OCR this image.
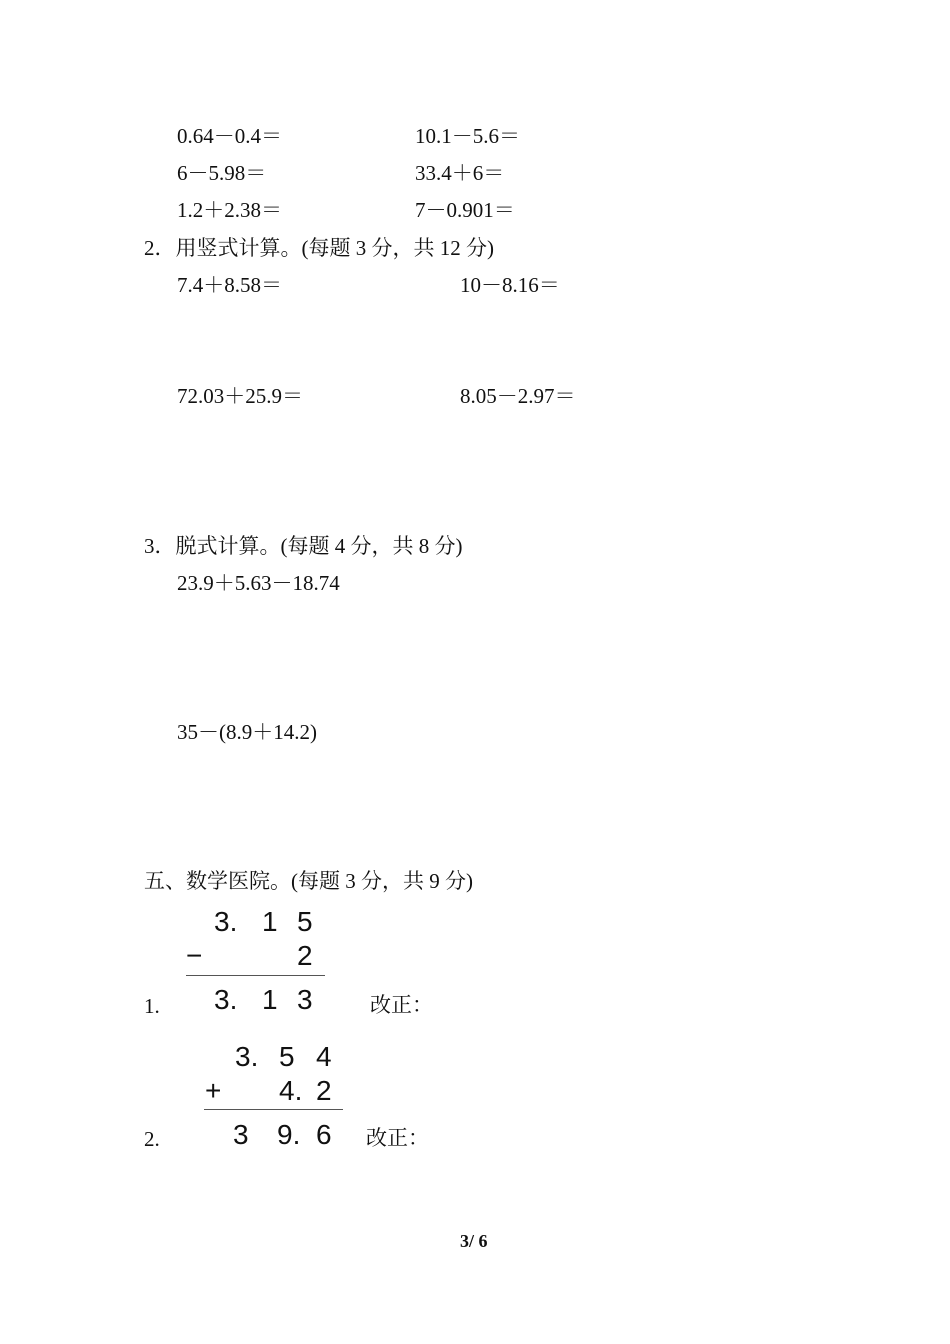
0.64－0.4＝	10.1－5.6＝
6－5.98＝	33.4＋6＝
1.2＋2.38＝	7－0.901＝
2．用竖式计算。(每题 3 分，共 12 分)
7.4＋8.58＝	10－8.16＝
72.03＋25.9＝	8.05－2.97＝
3．脱式计算。(每题 4 分，共 8 分)
23.9＋5.63－18.74
35－(8.9＋14.2)
五、数学医院。(每题 3 分，共 9 分)
3. 1 5
−	2
3. 1 3
1.	改正：
3. 5 4
+ 4. 2
3 9. 6
2.	改正：
3/ 6
